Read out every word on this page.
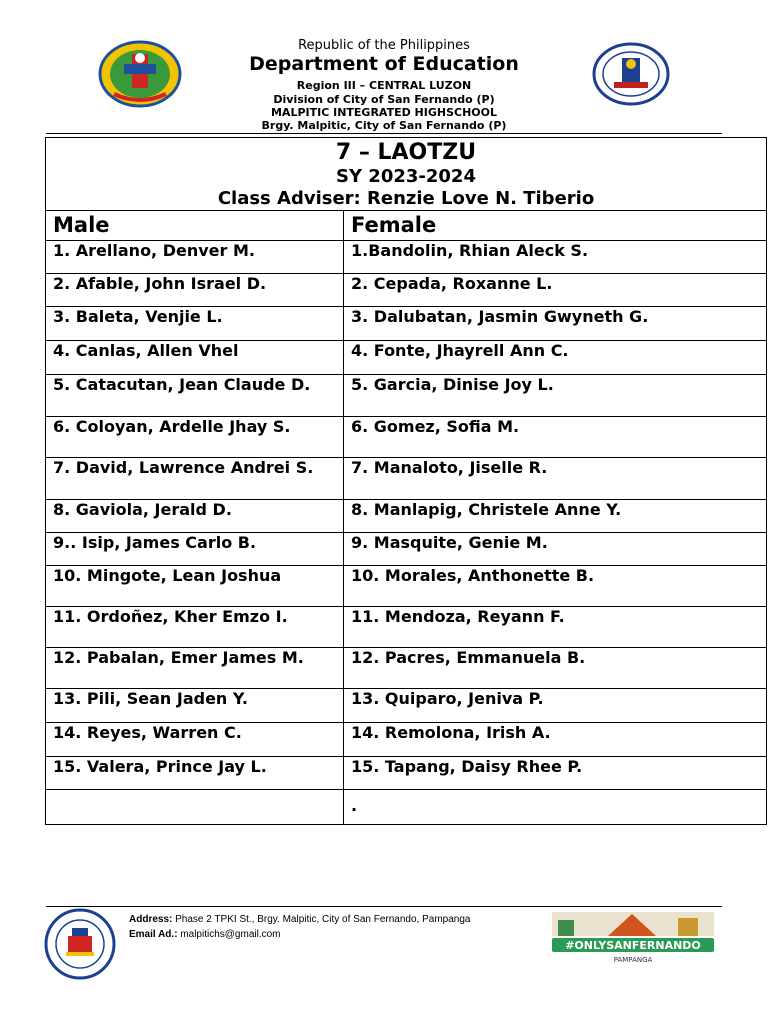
Republic of the Philippines
Department of Education
Region III – CENTRAL LUZON
Division of City of San Fernando (P)
MALPITIC INTEGRATED HIGHSCHOOL
Brgy. Malpitic, City of San Fernando (P)
7 – LAOTZU
SY 2023-2024
Class Adviser: Renzie Love N. Tiberio	

Male	Female
1. Arellano, Denver M.	1.Bandolin, Rhian Aleck S.
2. Afable, John Israel D.	2. Cepada, Roxanne L.
3. Baleta, Venjie L.	3. Dalubatan, Jasmin Gwyneth G.
4. Canlas, Allen Vhel	4. Fonte, Jhayrell Ann C.
5. Catacutan, Jean Claude D.	5. Garcia, Dinise Joy L.
6. Coloyan, Ardelle Jhay S.	6. Gomez, Sofia M.
7. David, Lawrence Andrei S.	7. Manaloto, Jiselle R.
8. Gaviola, Jerald D.	8. Manlapig, Christele Anne Y.
9.. Isip, James Carlo B.	9. Masquite, Genie M.
10. Mingote, Lean Joshua	10. Morales, Anthonette B.
11. Ordoñez, Kher Emzo I.	11. Mendoza, Reyann F.
12. Pabalan, Emer James M.	12. Pacres, Emmanuela B.
13. Pili, Sean Jaden Y.	13. Quiparo, Jeniva P.
14. Reyes, Warren C.	14. Remolona, Irish A.
15. Valera, Prince Jay L.	15. Tapang, Daisy Rhee P.
	.
Address: Phase 2 TPKI St., Brgy. Malpitic, City of San Fernando, Pampanga
Email Ad.: malpitichs@gmail.com
#ONLYSANFERNANDO
PAMPANGA
